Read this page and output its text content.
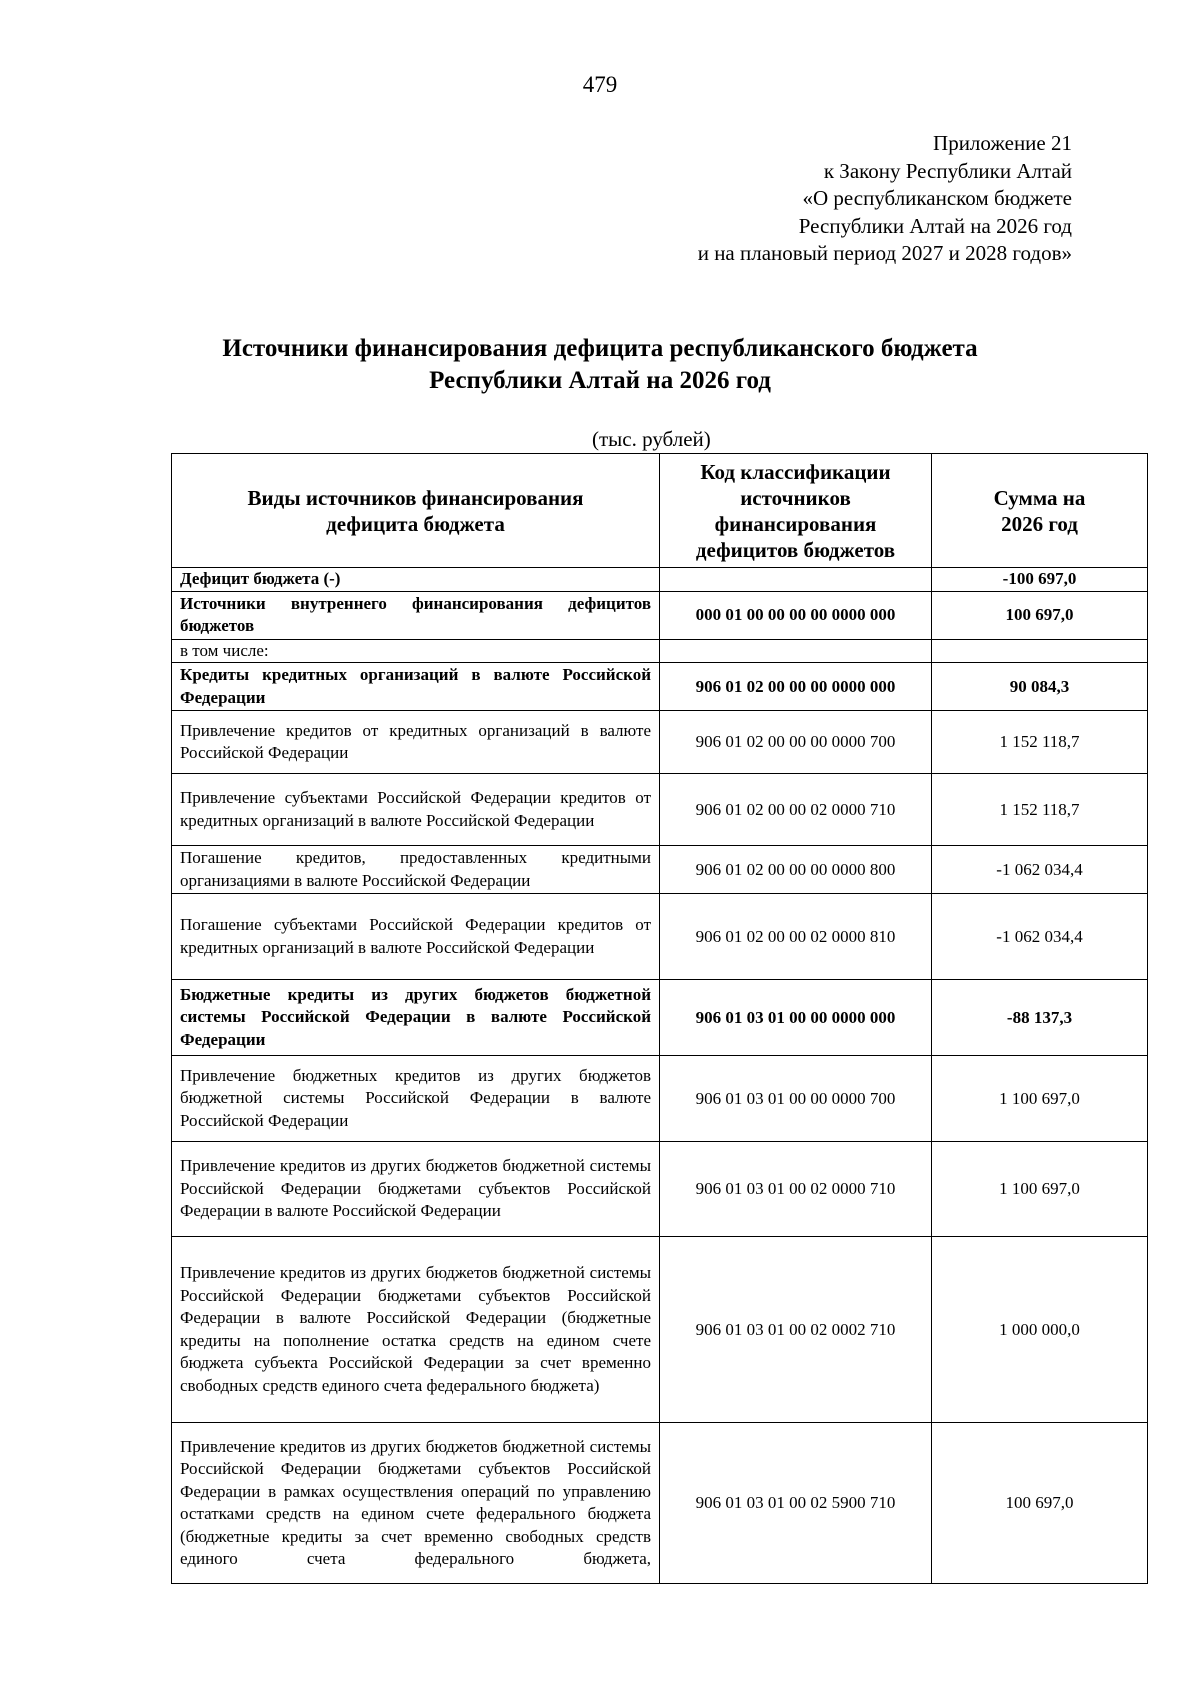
479
Приложение 21
к Закону Республики Алтай
«О республиканском бюджете
Республики Алтай на 2026 год
и на плановый период 2027 и 2028 годов»
Источники финансирования дефицита республиканского бюджета
Республики Алтай на 2026 год
(тыс. рублей)
Виды источников финансирования дефицита бюджета	Код классификации источников финансирования дефицитов бюджетов	Сумма на 2026 год
Дефицит бюджета (-)		-100 697,0
Источники внутреннего финансирования дефицитов бюджетов	000 01 00 00 00 00 0000 000	100 697,0
в том числе:		
Кредиты кредитных организаций в валюте Российской Федерации	906 01 02 00 00 00 0000 000	90 084,3
Привлечение кредитов от кредитных организаций в валюте Российской Федерации	906 01 02 00 00 00 0000 700	1 152 118,7
Привлечение субъектами Российской Федерации кредитов от кредитных организаций в валюте Российской Федерации	906 01 02 00 00 02 0000 710	1 152 118,7
Погашение кредитов, предоставленных кредитными организациями в валюте Российской Федерации	906 01 02 00 00 00 0000 800	-1 062 034,4
Погашение субъектами Российской Федерации кредитов от кредитных организаций в валюте Российской Федерации	906 01 02 00 00 02 0000 810	-1 062 034,4
Бюджетные кредиты из других бюджетов бюджетной системы Российской Федерации в валюте Российской Федерации	906 01 03 01 00 00 0000 000	-88 137,3
Привлечение бюджетных кредитов из других бюджетов бюджетной системы Российской Федерации в валюте Российской Федерации	906 01 03 01 00 00 0000 700	1 100 697,0
Привлечение кредитов из других бюджетов бюджетной системы Российской Федерации бюджетами субъектов Российской Федерации в валюте Российской Федерации	906 01 03 01 00 02 0000 710	1 100 697,0
Привлечение кредитов из других бюджетов бюджетной системы Российской Федерации бюджетами субъектов Российской Федерации в валюте Российской Федерации (бюджетные кредиты на пополнение остатка средств на едином счете бюджета субъекта Российской Федерации за счет временно свободных средств единого счета федерального бюджета)	906 01 03 01 00 02 0002 710	1 000 000,0
Привлечение кредитов из других бюджетов бюджетной системы Российской Федерации бюджетами субъектов Российской Федерации в рамках осуществления операций по управлению остатками средств на едином счете федерального бюджета (бюджетные кредиты за счет временно свободных средств единого счета федерального бюджета,	906 01 03 01 00 02 5900 710	100 697,0
